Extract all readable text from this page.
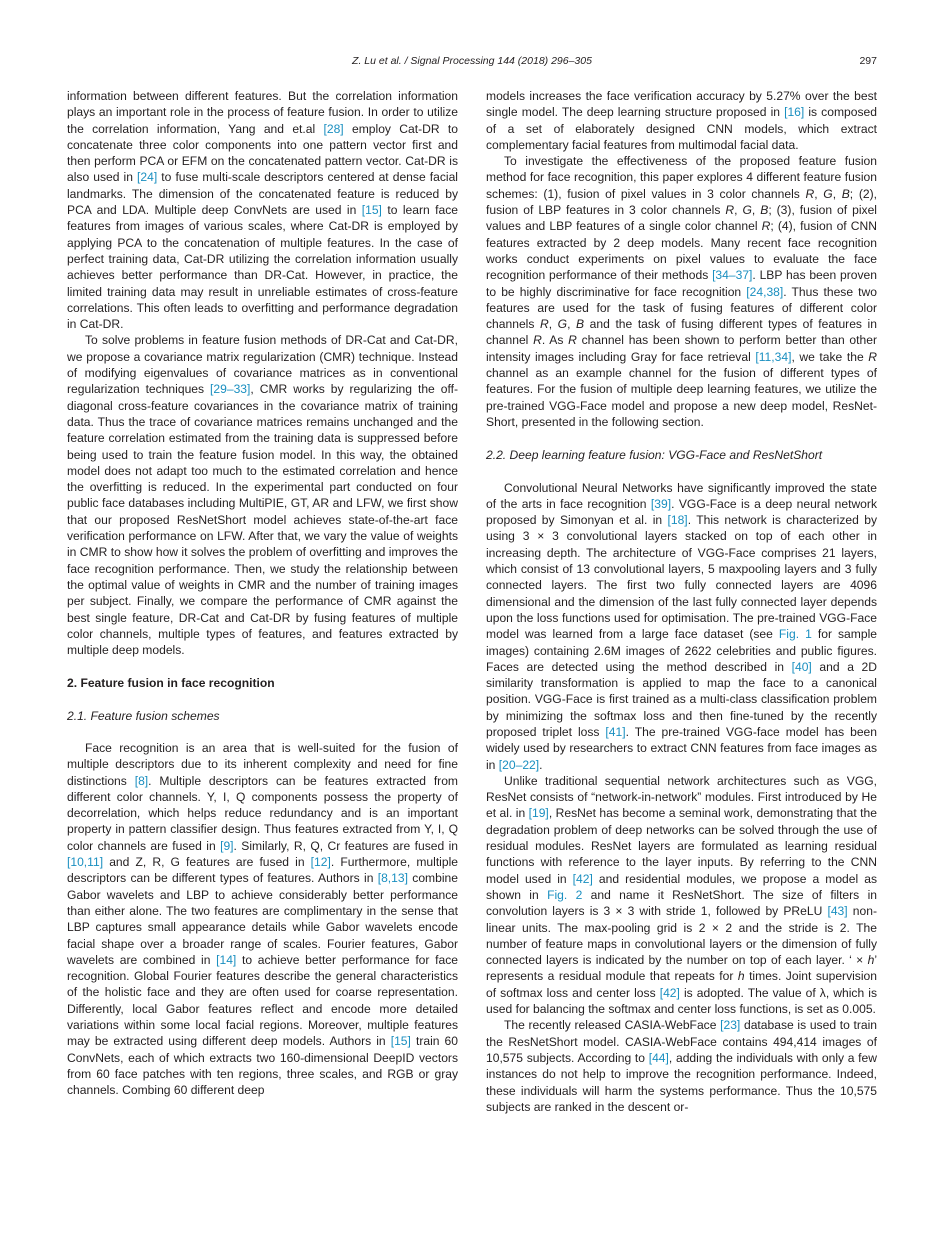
Z. Lu et al. / Signal Processing 144 (2018) 296–305	297

information between different features. But the correlation information plays an important role in the process of feature fusion. In order to utilize the correlation information, Yang and et.al [28] employ Cat-DR to concatenate three color components into one pattern vector first and then perform PCA or EFM on the concatenated pattern vector. Cat-DR is also used in [24] to fuse multi-scale descriptors centered at dense facial landmarks. The dimension of the concatenated feature is reduced by PCA and LDA. Multiple deep ConvNets are used in [15] to learn face features from images of various scales, where Cat-DR is employed by applying PCA to the concatenation of multiple features. In the case of perfect training data, Cat-DR utilizing the correlation information usually achieves better performance than DR-Cat. However, in practice, the limited training data may result in unreliable estimates of cross-feature correlations. This often leads to overfitting and performance degradation in Cat-DR.

To solve problems in feature fusion methods of DR-Cat and Cat-DR, we propose a covariance matrix regularization (CMR) technique. Instead of modifying eigenvalues of covariance matrices as in conventional regularization techniques [29–33], CMR works by regularizing the off-diagonal cross-feature covariances in the covariance matrix of training data. Thus the trace of covariance matrices remains unchanged and the feature correlation estimated from the training data is suppressed before being used to train the feature fusion model. In this way, the obtained model does not adapt too much to the estimated correlation and hence the overfitting is reduced. In the experimental part conducted on four public face databases including MultiPIE, GT, AR and LFW, we first show that our proposed ResNetShort model achieves state-of-the-art face verification performance on LFW. After that, we vary the value of weights in CMR to show how it solves the problem of overfitting and improves the face recognition performance. Then, we study the relationship between the optimal value of weights in CMR and the number of training images per subject. Finally, we compare the performance of CMR against the best single feature, DR-Cat and Cat-DR by fusing features of multiple color channels, multiple types of features, and features extracted by multiple deep models.

2. Feature fusion in face recognition
2.1. Feature fusion schemes

Face recognition is an area that is well-suited for the fusion of multiple descriptors due to its inherent complexity and need for fine distinctions [8]. Multiple descriptors can be features extracted from different color channels. Y, I, Q components possess the property of decorrelation, which helps reduce redundancy and is an important property in pattern classifier design. Thus features extracted from Y, I, Q color channels are fused in [9]. Similarly, R, Q, Cr features are fused in [10,11] and Z, R, G features are fused in [12]. Furthermore, multiple descriptors can be different types of features. Authors in [8,13] combine Gabor wavelets and LBP to achieve considerably better performance than either alone. The two features are complimentary in the sense that LBP captures small appearance details while Gabor wavelets encode facial shape over a broader range of scales. Fourier features, Gabor wavelets are combined in [14] to achieve better performance for face recognition. Global Fourier features describe the general characteristics of the holistic face and they are often used for coarse representation. Differently, local Gabor features reflect and encode more detailed variations within some local facial regions. Moreover, multiple features may be extracted using different deep models. Authors in [15] train 60 ConvNets, each of which extracts two 160-dimensional DeepID vectors from 60 face patches with ten regions, three scales, and RGB or gray channels. Combing 60 different deep

models increases the face verification accuracy by 5.27% over the best single model. The deep learning structure proposed in [16] is composed of a set of elaborately designed CNN models, which extract complementary facial features from multimodal facial data.

To investigate the effectiveness of the proposed feature fusion method for face recognition, this paper explores 4 different feature fusion schemes: (1), fusion of pixel values in 3 color channels R, G, B; (2), fusion of LBP features in 3 color channels R, G, B; (3), fusion of pixel values and LBP features of a single color channel R; (4), fusion of CNN features extracted by 2 deep models. Many recent face recognition works conduct experiments on pixel values to evaluate the face recognition performance of their methods [34–37]. LBP has been proven to be highly discriminative for face recognition [24,38]. Thus these two features are used for the task of fusing features of different color channels R, G, B and the task of fusing different types of features in channel R. As R channel has been shown to perform better than other intensity images including Gray for face retrieval [11,34], we take the R channel as an example channel for the fusion of different types of features. For the fusion of multiple deep learning features, we utilize the pre-trained VGG-Face model and propose a new deep model, ResNet-Short, presented in the following section.

2.2. Deep learning feature fusion: VGG-Face and ResNetShort

Convolutional Neural Networks have significantly improved the state of the arts in face recognition [39]. VGG-Face is a deep neural network proposed by Simonyan et al. in [18]. This network is characterized by using 3 × 3 convolutional layers stacked on top of each other in increasing depth. The architecture of VGG-Face comprises 21 layers, which consist of 13 convolutional layers, 5 maxpooling layers and 3 fully connected layers. The first two fully connected layers are 4096 dimensional and the dimension of the last fully connected layer depends upon the loss functions used for optimisation. The pre-trained VGG-Face model was learned from a large face dataset (see Fig. 1 for sample images) containing 2.6M images of 2622 celebrities and public figures. Faces are detected using the method described in [40] and a 2D similarity transformation is applied to map the face to a canonical position. VGG-Face is first trained as a multi-class classification problem by minimizing the softmax loss and then fine-tuned by the recently proposed triplet loss [41]. The pre-trained VGG-face model has been widely used by researchers to extract CNN features from face images as in [20–22].

Unlike traditional sequential network architectures such as VGG, ResNet consists of “network-in-network” modules. First introduced by He et al. in [19], ResNet has become a seminal work, demonstrating that the degradation problem of deep networks can be solved through the use of residual modules. ResNet layers are formulated as learning residual functions with reference to the layer inputs. By referring to the CNN model used in [42] and residential modules, we propose a model as shown in Fig. 2 and name it ResNetShort. The size of filters in convolution layers is 3 × 3 with stride 1, followed by PReLU [43] non-linear units. The max-pooling grid is 2 × 2 and the stride is 2. The number of feature maps in convolutional layers or the dimension of fully connected layers is indicated by the number on top of each layer. ‘ × h’ represents a residual module that repeats for h times. Joint supervision of softmax loss and center loss [42] is adopted. The value of λ, which is used for balancing the softmax and center loss functions, is set as 0.005.

The recently released CASIA-WebFace [23] database is used to train the ResNetShort model. CASIA-WebFace contains 494,414 images of 10,575 subjects. According to [44], adding the individuals with only a few instances do not help to improve the recognition performance. Indeed, these individuals will harm the systems performance. Thus the 10,575 subjects are ranked in the descent or-
